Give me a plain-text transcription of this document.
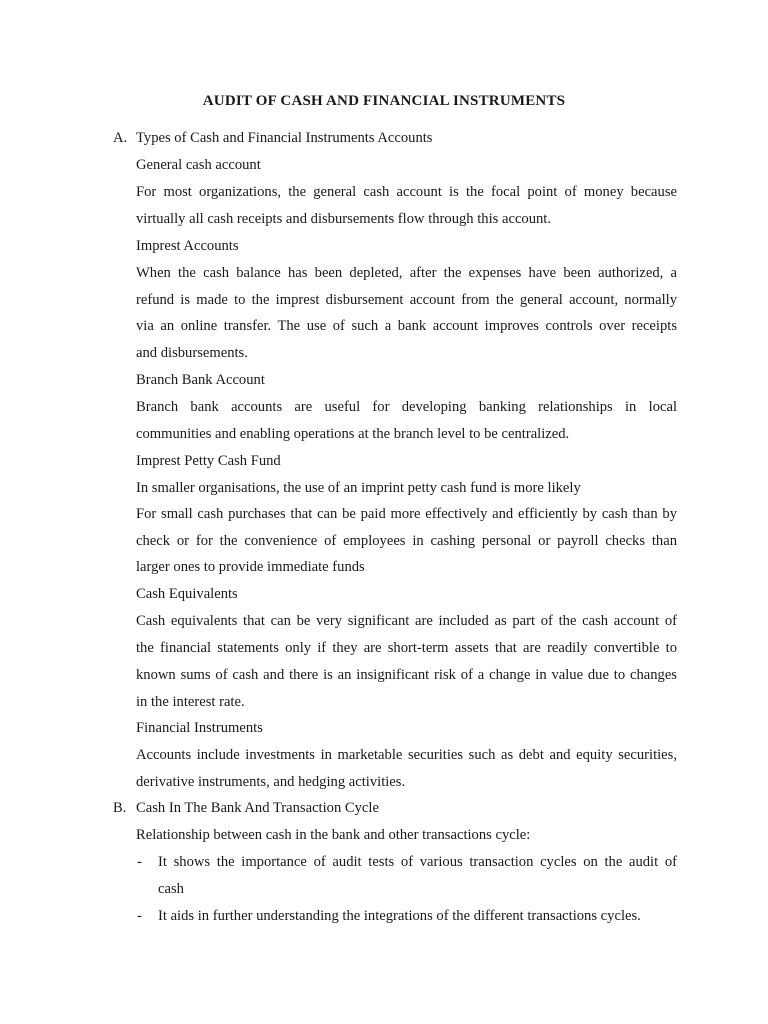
AUDIT OF CASH AND FINANCIAL INSTRUMENTS
A. Types of Cash and Financial Instruments Accounts
General cash account
For most organizations, the general cash account is the focal point of money because
virtually all cash receipts and disbursements flow through this account.
Imprest Accounts
When the cash balance has been depleted, after the expenses have been authorized, a
refund is made to the imprest disbursement account from the general account, normally
via an online transfer. The use of such a bank account improves controls over receipts
and disbursements.
Branch Bank Account
Branch bank accounts are useful for developing banking relationships in local
communities and enabling operations at the branch level to be centralized.
Imprest Petty Cash Fund
In smaller organisations, the use of an imprint petty cash fund is more likely
For small cash purchases that can be paid more effectively and efficiently by cash than by
check or for the convenience of employees in cashing personal or payroll checks than
larger ones to provide immediate funds
Cash Equivalents
Cash equivalents that can be very significant are included as part of the cash account of
the financial statements only if they are short-term assets that are readily convertible to
known sums of cash and there is an insignificant risk of a change in value due to changes
in the interest rate.
Financial Instruments
Accounts include investments in marketable securities such as debt and equity securities,
derivative instruments, and hedging activities.
B. Cash In The Bank And Transaction Cycle
Relationship between cash in the bank and other transactions cycle:
- It shows the importance of audit tests of various transaction cycles on the audit of
cash
- It aids in further understanding the integrations of the different transactions cycles.
